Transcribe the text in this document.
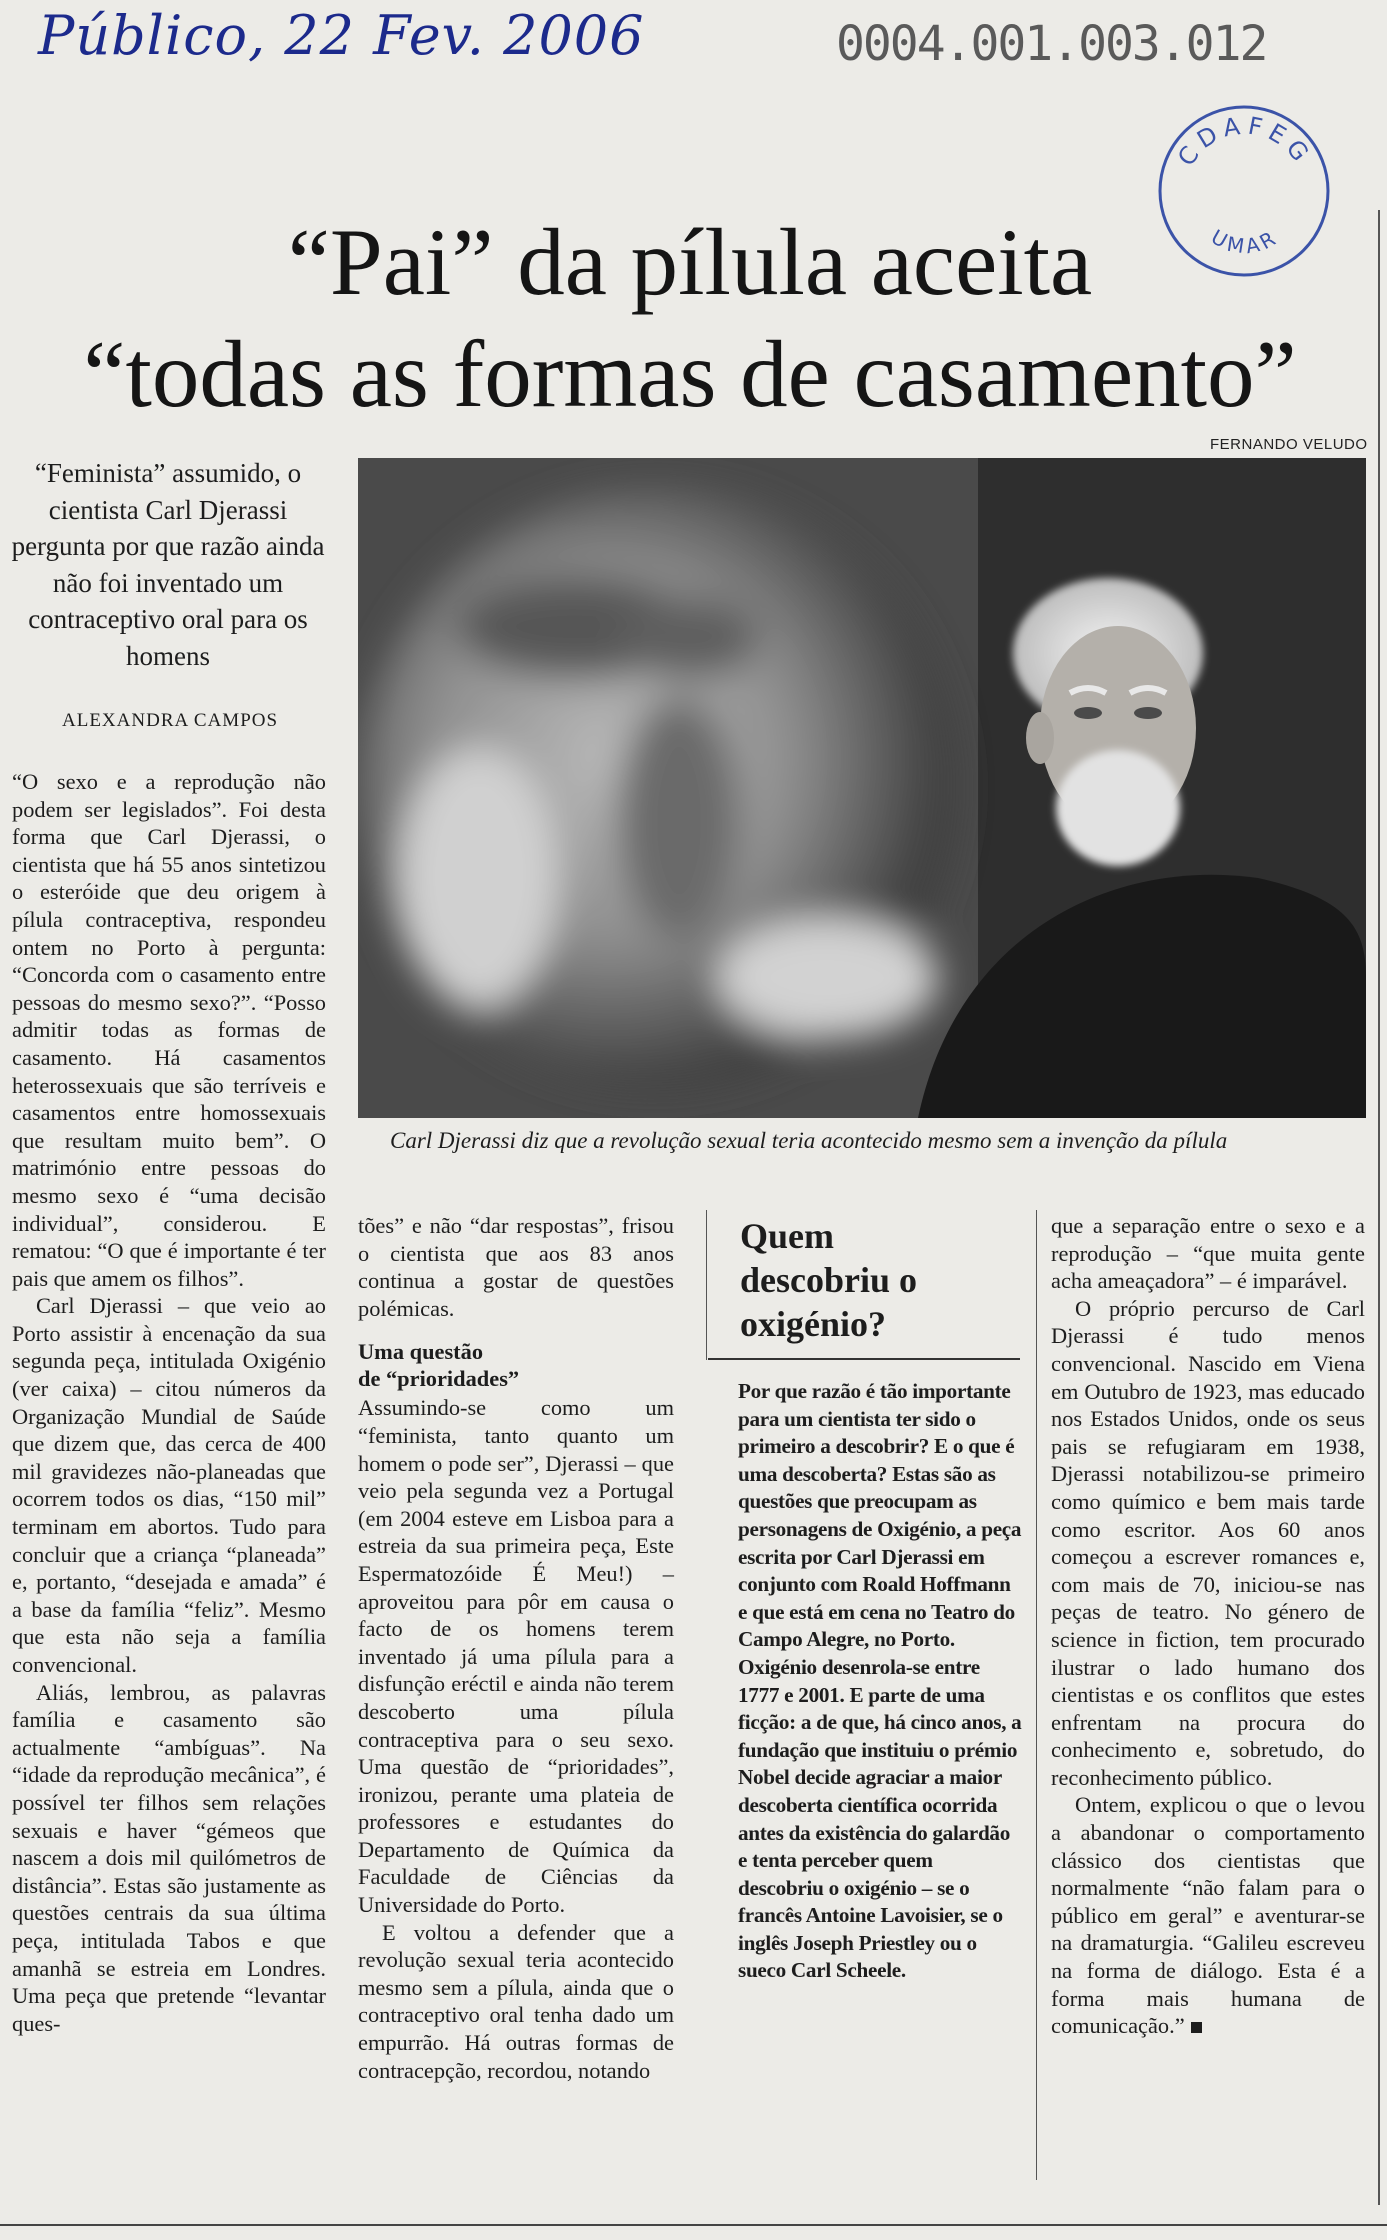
Público, 22 Fev. 2006	0004.001.003.012
CDAFEG
UMAR
“Pai” da pílula aceita
“todas as formas de casamento”
FERNANDO VELUDO
Carl Djerassi diz que a revolução sexual teria acontecido mesmo sem a invenção da pílula
“Feminista” assumido, o cientista Carl Djerassi pergunta por que razão ainda não foi inventado um contraceptivo oral para os homens
ALEXANDRA CAMPOS

“O sexo e a reprodução não podem ser legislados”. Foi desta forma que Carl Djerassi, o cientista que há 55 anos sintetizou o esteróide que deu origem à pílula contraceptiva, respondeu ontem no Porto à pergunta: “Concorda com o casamento entre pessoas do mesmo sexo?”. “Posso admitir todas as formas de casamento. Há casamentos heterossexuais que são terríveis e casamentos entre homossexuais que resultam muito bem”. O matrimónio entre pessoas do mesmo sexo é “uma decisão individual”, considerou. E rematou: “O que é importante é ter pais que amem os filhos”.

Carl Djerassi – que veio ao Porto assistir à encenação da sua segunda peça, intitulada Oxigénio (ver caixa) – citou números da Organização Mundial de Saúde que dizem que, das cerca de 400 mil gravidezes não-planeadas que ocorrem todos os dias, “150 mil” terminam em abortos. Tudo para concluir que a criança “planeada” e, portanto, “desejada e amada” é a base da família “feliz”. Mesmo que esta não seja a família convencional.

Aliás, lembrou, as palavras família e casamento são actualmente “ambíguas”. Na “idade da reprodução mecânica”, é possível ter filhos sem relações sexuais e haver “gémeos que nascem a dois mil quilómetros de distância”. Estas são justamente as questões centrais da sua última peça, intitulada Tabos e que amanhã se estreia em Londres. Uma peça que pretende “levantar ques-

tões” e não “dar respostas”, frisou o cientista que aos 83 anos continua a gostar de questões polémicas.

Uma questão
de “prioridades”

Assumindo-se como um “feminista, tanto quanto um homem o pode ser”, Djerassi – que veio pela segunda vez a Portugal (em 2004 esteve em Lisboa para a estreia da sua primeira peça, Este Espermatozóide É Meu!) – aproveitou para pôr em causa o facto de os homens terem inventado já uma pílula para a disfunção eréctil e ainda não terem descoberto uma pílula contraceptiva para o seu sexo. Uma questão de “prioridades”, ironizou, perante uma plateia de professores e estudantes do Departamento de Química da Faculdade de Ciências da Universidade do Porto.

E voltou a defender que a revolução sexual teria acontecido mesmo sem a pílula, ainda que o contraceptivo oral tenha dado um empurrão. Há outras formas de contracepção, recordou, notando

Quem
descobriu o
oxigénio?
Por que razão é tão importante para um cientista ter sido o primeiro a descobrir? E o que é uma descoberta? Estas são as questões que preocupam as personagens de Oxigénio, a peça escrita por Carl Djerassi em conjunto com Roald Hoffmann e que está em cena no Teatro do Campo Alegre, no Porto. Oxigénio desenrola-se entre 1777 e 2001. E parte de uma ficção: a de que, há cinco anos, a fundação que instituiu o prémio Nobel decide agraciar a maior descoberta científica ocorrida antes da existência do galardão e tenta perceber quem descobriu o oxigénio – se o francês Antoine Lavoisier, se o inglês Joseph Priestley ou o sueco Carl Scheele.

que a separação entre o sexo e a reprodução – “que muita gente acha ameaçadora” – é imparável.

O próprio percurso de Carl Djerassi é tudo menos convencional. Nascido em Viena em Outubro de 1923, mas educado nos Estados Unidos, onde os seus pais se refugiaram em 1938, Djerassi notabilizou-se primeiro como químico e bem mais tarde como escritor. Aos 60 anos começou a escrever romances e, com mais de 70, iniciou-se nas peças de teatro. No género de science in fiction, tem procurado ilustrar o lado humano dos cientistas e os conflitos que estes enfrentam na procura do conhecimento e, sobretudo, do reconhecimento público.

Ontem, explicou o que o levou a abandonar o comportamento clássico dos cientistas que normalmente “não falam para o público em geral” e aventurar-se na dramaturgia. “Galileu escreveu na forma de diálogo. Esta é a forma mais humana de comunicação.”
